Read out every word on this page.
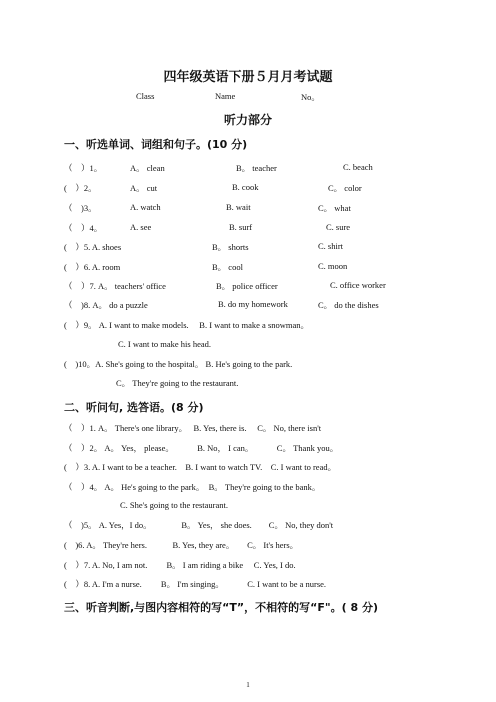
四年级英语下册５月月考试题
Class	Name	No。
听力部分
一、听选单词、词组和句子。(10 分)
（　）1。	A。 clean	B。 teacher	C. beach
(　）2。	A。 cut	B. cook	C。 color
（　)3。	A. watch	B. wait	C。 what
（　）4。	A. see	B. surf	C. sure
(　）5. A. shoes	B。 shorts	C. shirt
(　）6. A. room	B。 cool	C. moon
（　）7. A。 teachers' office	B。 police officer	C. office worker
（　)8. A。 do a puzzle	B. do my homework	C。 do the dishes
(　）9。 A. I want to make models.　 B. I want to make a snowman。
C. I want to make his head.
(　)10。A. She's going to the hospital。 B. He's going to the park.
C。 They're going to the restaurant.
二、听问句, 选答语。(8 分)
（　）1. A。 There's one library。　 B. Yes, there is.　 C。 No, there isn't
（　）2。 A。 Yes， please。　　　 B. No， I can。　　　 C。 Thank you。
(　）3. A. I want to be a teacher.　B. I want to watch TV.　C. I want to read。
（　）4。 A。 He's going to the park。　B。 They're going to the bank。
C. She's going to the restaurant.
（　)5。 A. Yes，I do。　　　　B。 Yes， she does.　　C。 No, they don't
(　)6. A。 They're hers.　　　B. Yes, they are。　　C。 It's hers。
(　）7. A. No, I am not.　　 B。 I am riding a bike　 C. Yes, I do.
(　）8. A. I'm a nurse.　　 B。 I'm singing。　　　 C. I want to be a nurse.
三、听音判断,与图内容相符的写“T”，不相符的写“F"。( 8 分)
1
